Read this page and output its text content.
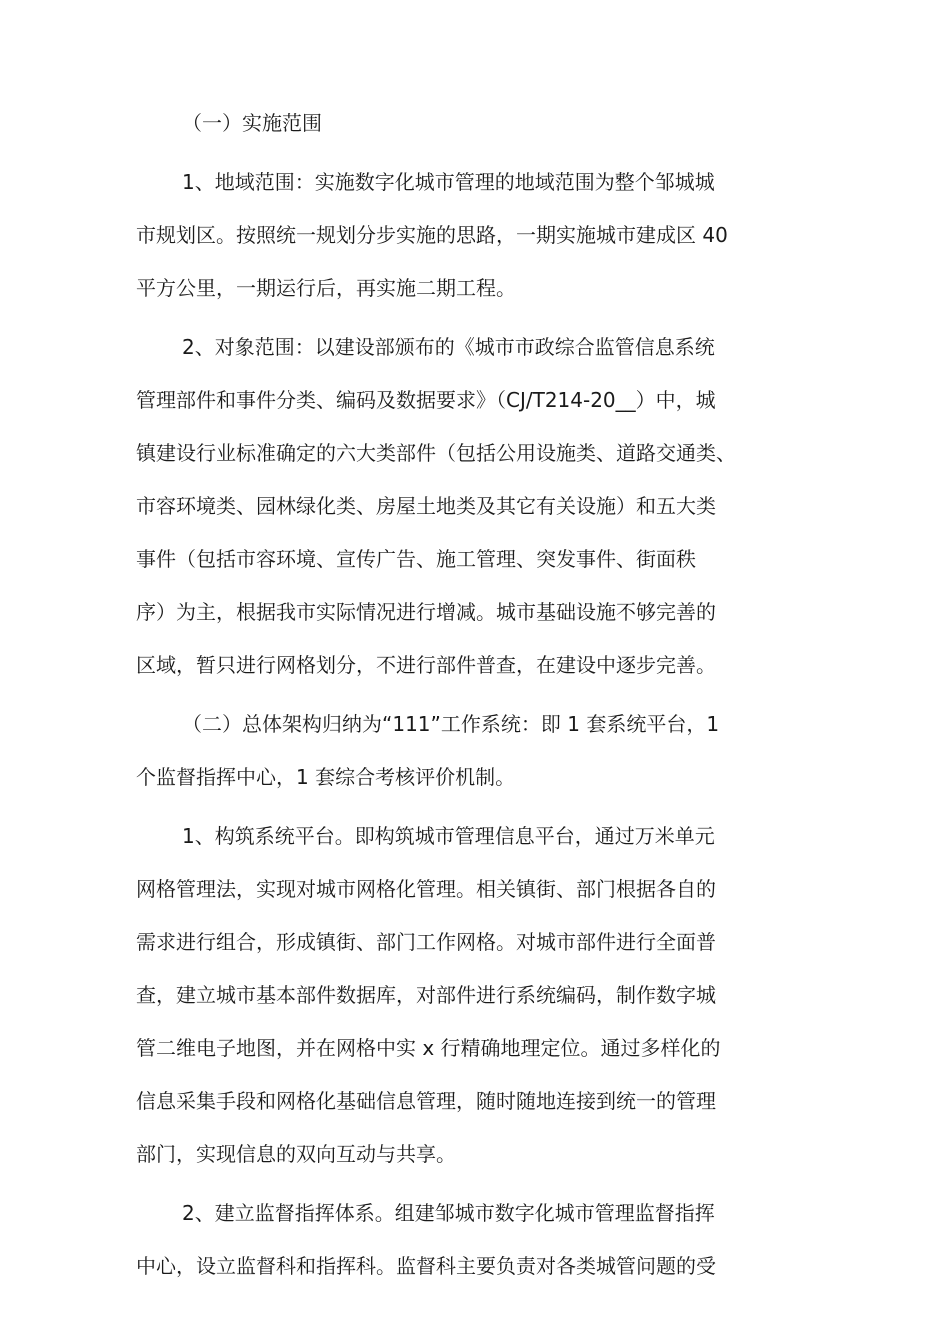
（一）实施范围
1、地域范围：实施数字化城市管理的地域范围为整个邹城城
市规划区。按照统一规划分步实施的思路，一期实施城市建成区 40
平方公里，一期运行后，再实施二期工程。
2、对象范围：以建设部颁布的《城市市政综合监管信息系统
管理部件和事件分类、编码及数据要求》（CJ/T214-20__）中，城
镇建设行业标准确定的六大类部件（包括公用设施类、道路交通类、
市容环境类、园林绿化类、房屋土地类及其它有关设施）和五大类
事件（包括市容环境、宣传广告、施工管理、突发事件、街面秩
序）为主，根据我市实际情况进行增减。城市基础设施不够完善的
区域，暂只进行网格划分，不进行部件普查，在建设中逐步完善。
（二）总体架构归纳为“111”工作系统：即 1 套系统平台，1
个监督指挥中心，1 套综合考核评价机制。
1、构筑系统平台。即构筑城市管理信息平台，通过万米单元
网格管理法，实现对城市网格化管理。相关镇街、部门根据各自的
需求进行组合，形成镇街、部门工作网格。对城市部件进行全面普
查，建立城市基本部件数据库，对部件进行系统编码，制作数字城
管二维电子地图，并在网格中实 x 行精确地理定位。通过多样化的
信息采集手段和网格化基础信息管理，随时随地连接到统一的管理
部门，实现信息的双向互动与共享。
2、建立监督指挥体系。组建邹城市数字化城市管理监督指挥
中心，设立监督科和指挥科。监督科主要负责对各类城管问题的受
